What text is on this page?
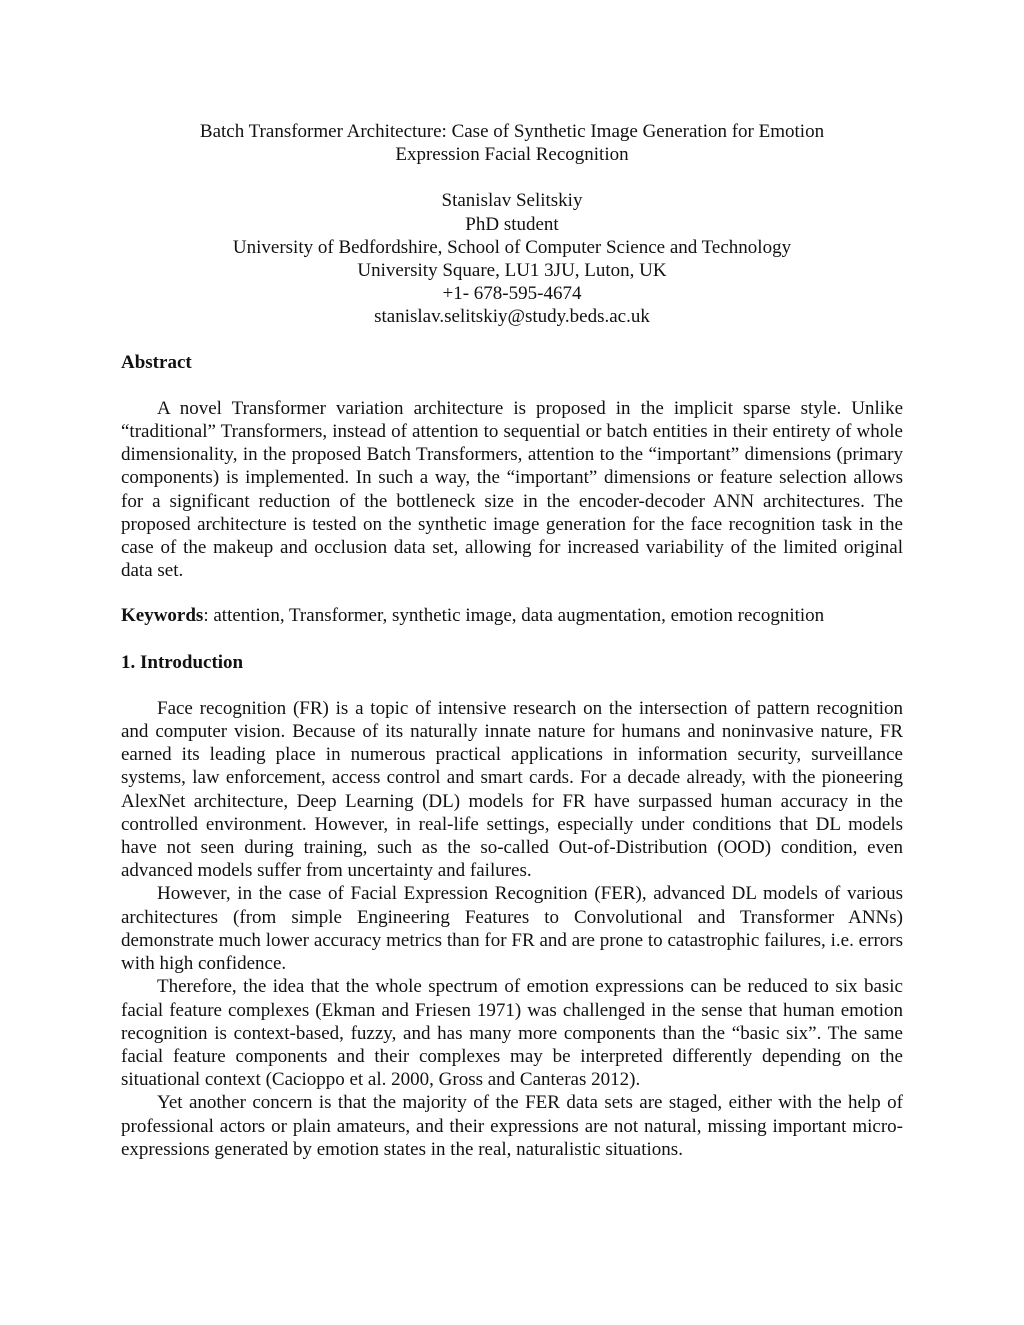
Batch Transformer Architecture: Case of Synthetic Image Generation for Emotion
Expression Facial Recognition
Stanislav Selitskiy
PhD student
University of Bedfordshire, School of Computer Science and Technology
University Square, LU1 3JU, Luton, UK
+1- 678-595-4674
stanislav.selitskiy@study.beds.ac.uk
Abstract

A novel Transformer variation architecture is proposed in the implicit sparse style. Unlike “traditional” Transformers, instead of attention to sequential or batch entities in their entirety of whole dimensionality, in the proposed Batch Transformers, attention to the “important” dimensions (primary components) is implemented. In such a way, the “important” dimensions or feature selection allows for a significant reduction of the bottleneck size in the encoder-decoder ANN architectures. The proposed architecture is tested on the synthetic image generation for the face recognition task in the case of the makeup and occlusion data set, allowing for increased variability of the limited original data set.

Keywords: attention, Transformer, synthetic image, data augmentation, emotion recognition

1. Introduction

Face recognition (FR) is a topic of intensive research on the intersection of pattern recognition and computer vision. Because of its naturally innate nature for humans and noninvasive nature, FR earned its leading place in numerous practical applications in information security, surveillance systems, law enforcement, access control and smart cards. For a decade already, with the pioneering AlexNet architecture, Deep Learning (DL) models for FR have surpassed human accuracy in the controlled environment. However, in real-life settings, especially under conditions that DL models have not seen during training, such as the so-called Out-of-Distribution (OOD) condition, even advanced models suffer from uncertainty and failures.

However, in the case of Facial Expression Recognition (FER), advanced DL models of various architectures (from simple Engineering Features to Convolutional and Transformer ANNs) demonstrate much lower accuracy metrics than for FR and are prone to catastrophic failures, i.e. errors with high confidence.

Therefore, the idea that the whole spectrum of emotion expressions can be reduced to six basic facial feature complexes (Ekman and Friesen 1971) was challenged in the sense that human emotion recognition is context-based, fuzzy, and has many more components than the “basic six”. The same facial feature components and their complexes may be interpreted differently depending on the situational context (Cacioppo et al. 2000, Gross and Canteras 2012).

Yet another concern is that the majority of the FER data sets are staged, either with the help of professional actors or plain amateurs, and their expressions are not natural, missing important micro-expressions generated by emotion states in the real, naturalistic situations.
